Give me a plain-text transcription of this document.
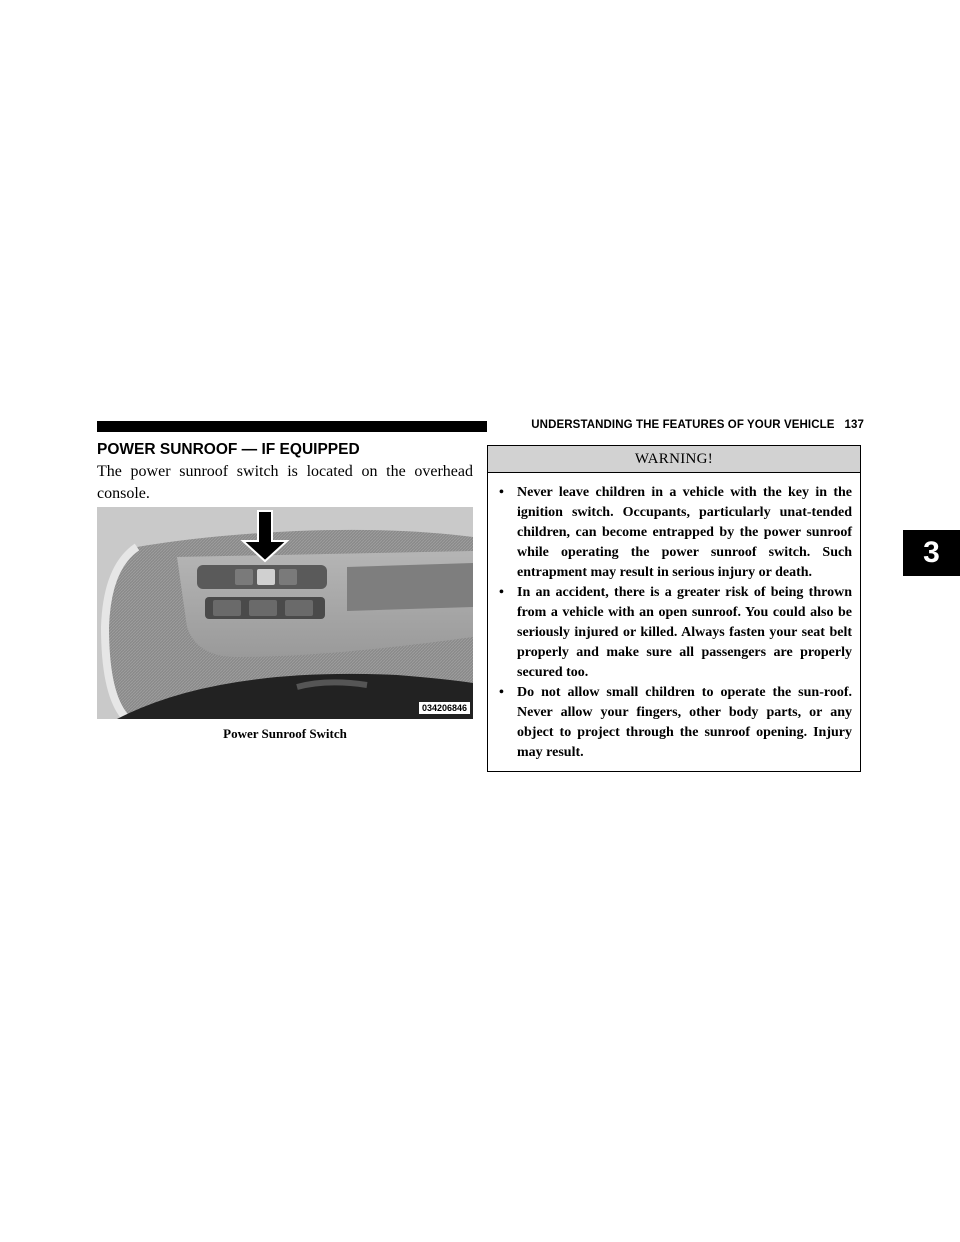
UNDERSTANDING THE FEATURES OF YOUR VEHICLE 137
3
POWER SUNROOF — IF EQUIPPED
The power sunroof switch is located on the overhead console.
034206846
Power Sunroof Switch
WARNING!
• Never leave children in a vehicle with the key in the ignition switch. Occupants, particularly unat-tended children, can become entrapped by the power sunroof while operating the power sunroof switch. Such entrapment may result in serious injury or death.
• In an accident, there is a greater risk of being thrown from a vehicle with an open sunroof. You could also be seriously injured or killed. Always fasten your seat belt properly and make sure all passengers are properly secured too.
• Do not allow small children to operate the sun-roof. Never allow your fingers, other body parts, or any object to project through the sunroof opening. Injury may result.
